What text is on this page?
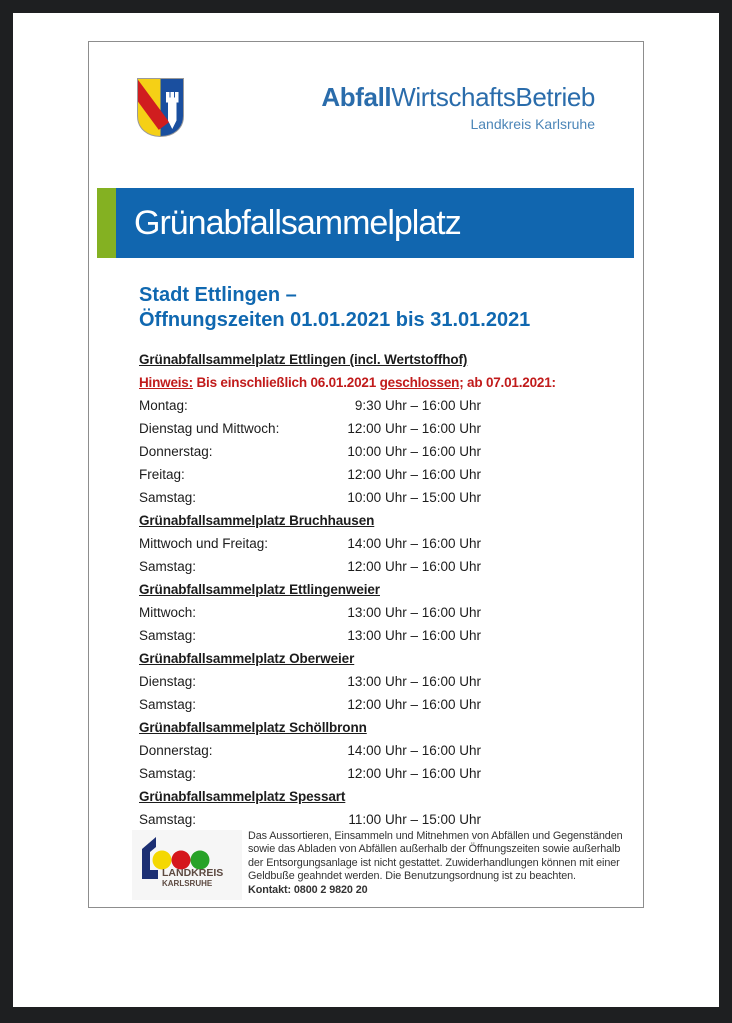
AbfallWirtschaftsBetrieb
Landkreis Karlsruhe
Grünabfallsammelplatz
Stadt Ettlingen –
Öffnungszeiten 01.01.2021 bis 31.01.2021
Grünabfallsammelplatz Ettlingen (incl. Wertstoffhof)
Hinweis: Bis einschließlich 06.01.2021 geschlossen; ab 07.01.2021:
Montag:	9:30 Uhr – 16:00 Uhr
Dienstag und Mittwoch:	12:00 Uhr – 16:00 Uhr
Donnerstag:	10:00 Uhr – 16:00 Uhr
Freitag:	12:00 Uhr – 16:00 Uhr
Samstag:	10:00 Uhr – 15:00 Uhr
Grünabfallsammelplatz Bruchhausen
Mittwoch und Freitag:	14:00 Uhr – 16:00 Uhr
Samstag:	12:00 Uhr – 16:00 Uhr
Grünabfallsammelplatz Ettlingenweier
Mittwoch:	13:00 Uhr – 16:00 Uhr
Samstag:	13:00 Uhr – 16:00 Uhr
Grünabfallsammelplatz Oberweier
Dienstag:	13:00 Uhr – 16:00 Uhr
Samstag:	12:00 Uhr – 16:00 Uhr
Grünabfallsammelplatz Schöllbronn
Donnerstag:	14:00 Uhr – 16:00 Uhr
Samstag:	12:00 Uhr – 16:00 Uhr
Grünabfallsammelplatz Spessart
Samstag:	11:00 Uhr – 15:00 Uhr
LANDKREIS
KARLSRUHE
Das Aussortieren, Einsammeln und Mitnehmen von Abfällen und Gegenständen
sowie das Abladen von Abfällen außerhalb der Öffnungszeiten sowie außerhalb
der Entsorgungsanlage ist nicht gestattet. Zuwiderhandlungen können mit einer
Geldbuße geahndet werden. Die Benutzungsordnung ist zu beachten.
Kontakt: 0800 2 9820 20
